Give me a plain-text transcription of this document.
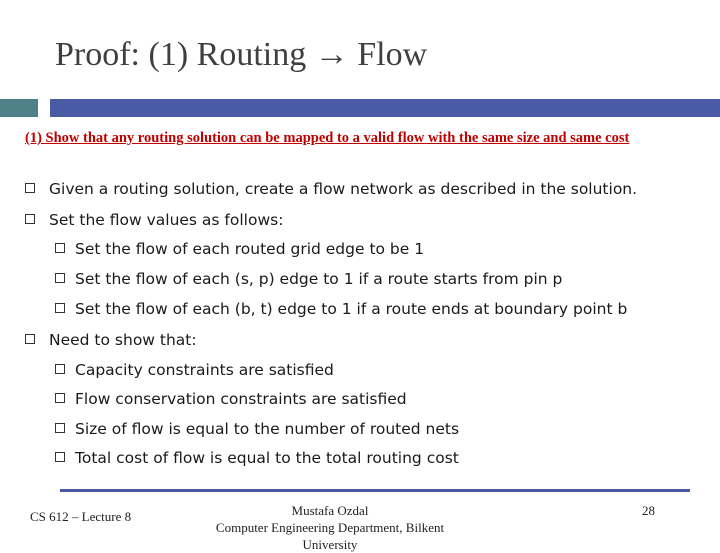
Proof: (1) Routing → Flow
(1) Show that any routing solution can be mapped to a valid flow with the same size and same cost
Given a routing solution, create a flow network as described in the solution.
Set the flow values as follows:
Set the flow of each routed grid edge to be 1
Set the flow of each (s, p) edge to 1 if a route starts from pin p
Set the flow of each (b, t) edge to 1 if a route ends at boundary point b
Need to show that:
Capacity constraints are satisfied
Flow conservation constraints are satisfied
Size of flow is equal to the number of routed nets
Total cost of flow is equal to the total routing cost
CS 612 – Lecture 8	Mustafa Ozdal
Computer Engineering Department, Bilkent University
28
